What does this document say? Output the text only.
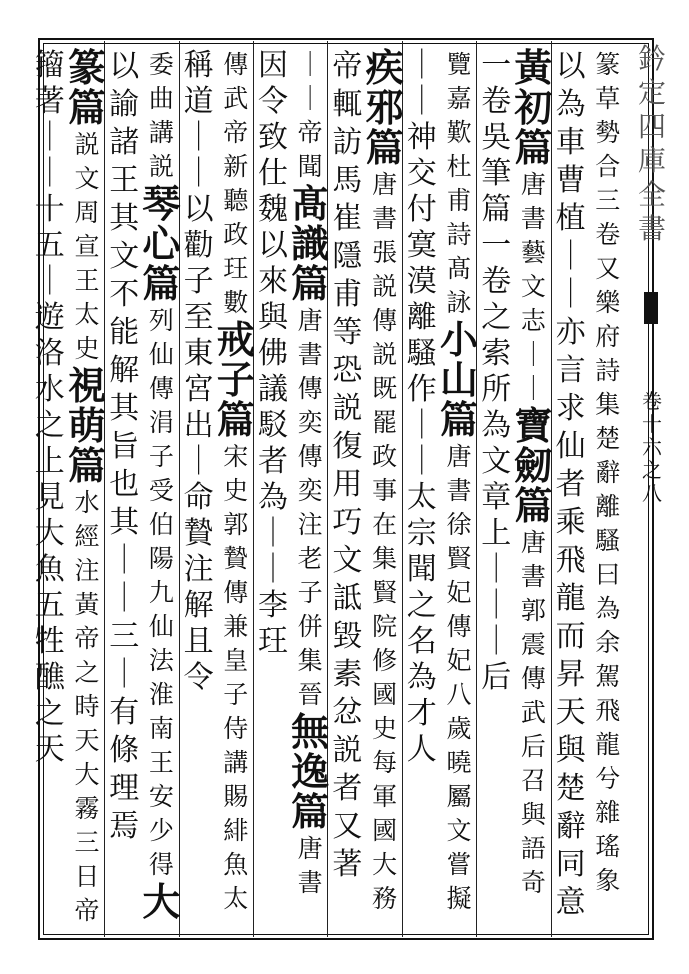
鈐
定
四
庫
全
書
卷
十
六
之
八
篆
草
勢
合
三
卷
又
樂
府
詩
集
楚
辭
離
騷
曰
為
余
駕
飛
龍
兮
雜
瑤
象
以
為
車
曹
植
｜
｜
亦
言
求
仙
者
乘
飛
龍
而
昇
天
與
楚
辭
同
意
黃
初
篇
唐
書
藝
文
志
｜
｜
寶
劒
篇
唐
書
郭
震
傳
武
后
召
與
語
奇
一
卷
吳
筆
篇
一
卷
之
索
所
為
文
章
上
｜
｜
｜
后
覽
嘉
歎
杜
甫
詩
髙
詠
小
山
篇
唐
書
徐
賢
妃
傳
妃
八
歲
曉
屬
文
嘗
擬
｜
｜
神
交
付
寞
漠
離
騷
作
｜
｜
太
宗
聞
之
名
為
才
人
疾
邪
篇
唐
書
張
説
傳
説
既
罷
政
事
在
集
賢
院
修
國
史
每
軍
國
大
務
帝
輒
訪
馬
崔
隱
甫
等
恐
説
復
用
巧
文
詆
毀
素
忿
説
者
又
著
｜
｜
帝
聞
髙
識
篇
唐
書
傳
奕
傳
奕
注
老
子
併
集
晉
無
逸
篇
唐
書
因
令
致
仕
魏
以
來
與
佛
議
駁
者
為
｜
｜
李
玨
傳
武
帝
新
聽
政
玨
數
戒
子
篇
宋
史
郭
贄
傳
兼
皇
子
侍
講
賜
緋
魚
太
稱
道
｜
｜
以
勸
子
至
東
宮
出
｜
命
贄
注
解
且
令
委
曲
講
説
琴
心
篇
列
仙
傳
涓
子
受
伯
陽
九
仙
法
淮
南
王
安
少
得
大
以
諭
諸
王
其
文
不
能
解
其
旨
也
其
｜
｜
三
｜
有
條
理
焉
篆
篇
説
文
周
宣
王
太
史
視
萌
篇
水
經
注
黃
帝
之
時
天
大
霧
三
日
帝
籀
著
｜
｜
十
五
｜
遊
洛
水
之
上
見
大
魚
五
牲
醮
之
天
